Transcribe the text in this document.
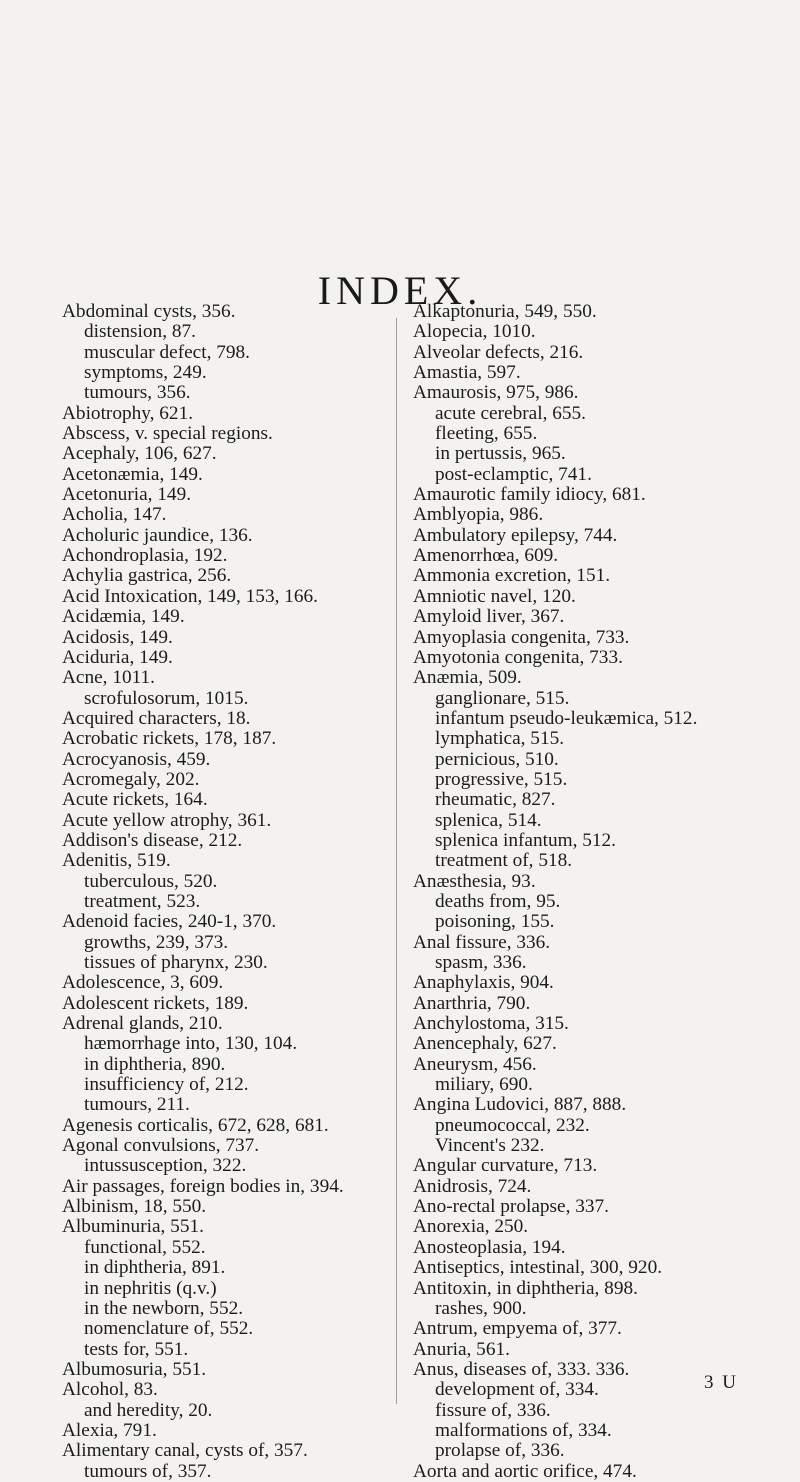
INDEX.
Abdominal cysts, 356.
distension, 87.
muscular defect, 798.
symptoms, 249.
tumours, 356.
Abiotrophy, 621.
Abscess, v. special regions.
Acephaly, 106, 627.
Acetonæmia, 149.
Acetonuria, 149.
Acholia, 147.
Acholuric jaundice, 136.
Achondroplasia, 192.
Achylia gastrica, 256.
Acid Intoxication, 149, 153, 166.
Acidæmia, 149.
Acidosis, 149.
Aciduria, 149.
Acne, 1011.
scrofulosorum, 1015.
Acquired characters, 18.
Acrobatic rickets, 178, 187.
Acrocyanosis, 459.
Acromegaly, 202.
Acute rickets, 164.
Acute yellow atrophy, 361.
Addison's disease, 212.
Adenitis, 519.
tuberculous, 520.
treatment, 523.
Adenoid facies, 240-1, 370.
growths, 239, 373.
tissues of pharynx, 230.
Adolescence, 3, 609.
Adolescent rickets, 189.
Adrenal glands, 210.
hæmorrhage into, 130, 104.
in diphtheria, 890.
insufficiency of, 212.
tumours, 211.
Agenesis corticalis, 672, 628, 681.
Agonal convulsions, 737.
intussusception, 322.
Air passages, foreign bodies in, 394.
Albinism, 18, 550.
Albuminuria, 551.
functional, 552.
in diphtheria, 891.
in nephritis (q.v.)
in the newborn, 552.
nomenclature of, 552.
tests for, 551.
Albumosuria, 551.
Alcohol, 83.
and heredity, 20.
Alexia, 791.
Alimentary canal, cysts of, 357.
tumours of, 357.
Alkaptonuria, 549, 550.
Alopecia, 1010.
Alveolar defects, 216.
Amastia, 597.
Amaurosis, 975, 986.
acute cerebral, 655.
fleeting, 655.
in pertussis, 965.
post-eclamptic, 741.
Amaurotic family idiocy, 681.
Amblyopia, 986.
Ambulatory epilepsy, 744.
Amenorrhœa, 609.
Ammonia excretion, 151.
Amniotic navel, 120.
Amyloid liver, 367.
Amyoplasia congenita, 733.
Amyotonia congenita, 733.
Anæmia, 509.
ganglionare, 515.
infantum pseudo-leukæmica, 512.
lymphatica, 515.
pernicious, 510.
progressive, 515.
rheumatic, 827.
splenica, 514.
splenica infantum, 512.
treatment of, 518.
Anæsthesia, 93.
deaths from, 95.
poisoning, 155.
Anal fissure, 336.
spasm, 336.
Anaphylaxis, 904.
Anarthria, 790.
Anchylostoma, 315.
Anencephaly, 627.
Aneurysm, 456.
miliary, 690.
Angina Ludovici, 887, 888.
pneumococcal, 232.
Vincent's 232.
Angular curvature, 713.
Anidrosis, 724.
Ano-rectal prolapse, 337.
Anorexia, 250.
Anosteoplasia, 194.
Antiseptics, intestinal, 300, 920.
Antitoxin, in diphtheria, 898.
rashes, 900.
Antrum, empyema of, 377.
Anuria, 561.
Anus, diseases of, 333. 336.
development of, 334.
fissure of, 336.
malformations of, 334.
prolapse of, 336.
Aorta and aortic orifice, 474.
3 U
